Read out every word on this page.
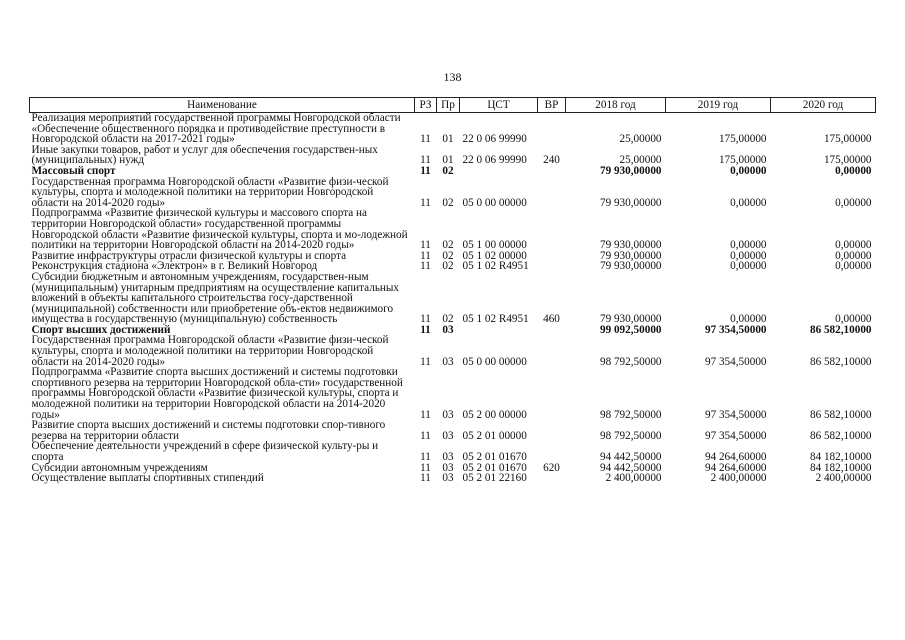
138
Наименование	РЗ	Пр	ЦСТ	ВР	2018 год	2019 год	2020 год
Реализация мероприятий государственной программы Новгородской области «Обеспечение общественного порядка и противодействие преступности в Новгородской области на 2017-2021 годы»	11	01	22 0 06 99990		25,00000	175,00000	175,00000
Иные закупки товаров, работ и услуг для обеспечения государствен-ных (муниципальных) нужд	11	01	22 0 06 99990	240	25,00000	175,00000	175,00000
Массовый спорт	11	02			79 930,00000	0,00000	0,00000
Государственная программа Новгородской области «Развитие физи-ческой культуры, спорта и молодежной политики на территории Новгородской области на 2014-2020 годы»	11	02	05 0 00 00000		79 930,00000	0,00000	0,00000
Подпрограмма «Развитие физической культуры и массового спорта на территории Новгородской области» государственной программы Новгородской области «Развитие физической культуры, спорта и мо-лодежной политики на территории Новгородской области на 2014-2020 годы»	11	02	05 1 00 00000		79 930,00000	0,00000	0,00000
Развитие инфраструктуры отрасли физической культуры и спорта	11	02	05 1 02 00000		79 930,00000	0,00000	0,00000
Реконструкция стадиона «Электрон» в г. Великий Новгород	11	02	05 1 02 R4951		79 930,00000	0,00000	0,00000
Субсидии бюджетным и автономным учреждениям, государствен-ным (муниципальным) унитарным предприятиям на осуществление капитальных вложений в объекты капитального строительства госу-дарственной (муниципальной) собственности или приобретение объ-ектов недвижимого имущества в государственную (муниципальную) собственность	11	02	05 1 02 R4951	460	79 930,00000	0,00000	0,00000
Спорт высших достижений	11	03			99 092,50000	97 354,50000	86 582,10000
Государственная программа Новгородской области «Развитие физи-ческой культуры, спорта и молодежной политики на территории Новгородской области на 2014-2020 годы»	11	03	05 0 00 00000		98 792,50000	97 354,50000	86 582,10000
Подпрограмма «Развитие спорта высших достижений и системы подготовки спортивного резерва на территории Новгородской обла-сти» государственной программы Новгородской области «Развитие физической культуры, спорта и молодежной политики на территории Новгородской области на 2014-2020 годы»	11	03	05 2 00 00000		98 792,50000	97 354,50000	86 582,10000
Развитие спорта высших достижений и системы подготовки спор-тивного резерва на территории области	11	03	05 2 01 00000		98 792,50000	97 354,50000	86 582,10000
Обеспечение деятельности учреждений в сфере физической культу-ры и спорта	11	03	05 2 01 01670		94 442,50000	94 264,60000	84 182,10000
Субсидии автономным учреждениям	11	03	05 2 01 01670	620	94 442,50000	94 264,60000	84 182,10000
Осуществление выплаты спортивных стипендий	11	03	05 2 01 22160		2 400,00000	2 400,00000	2 400,00000
